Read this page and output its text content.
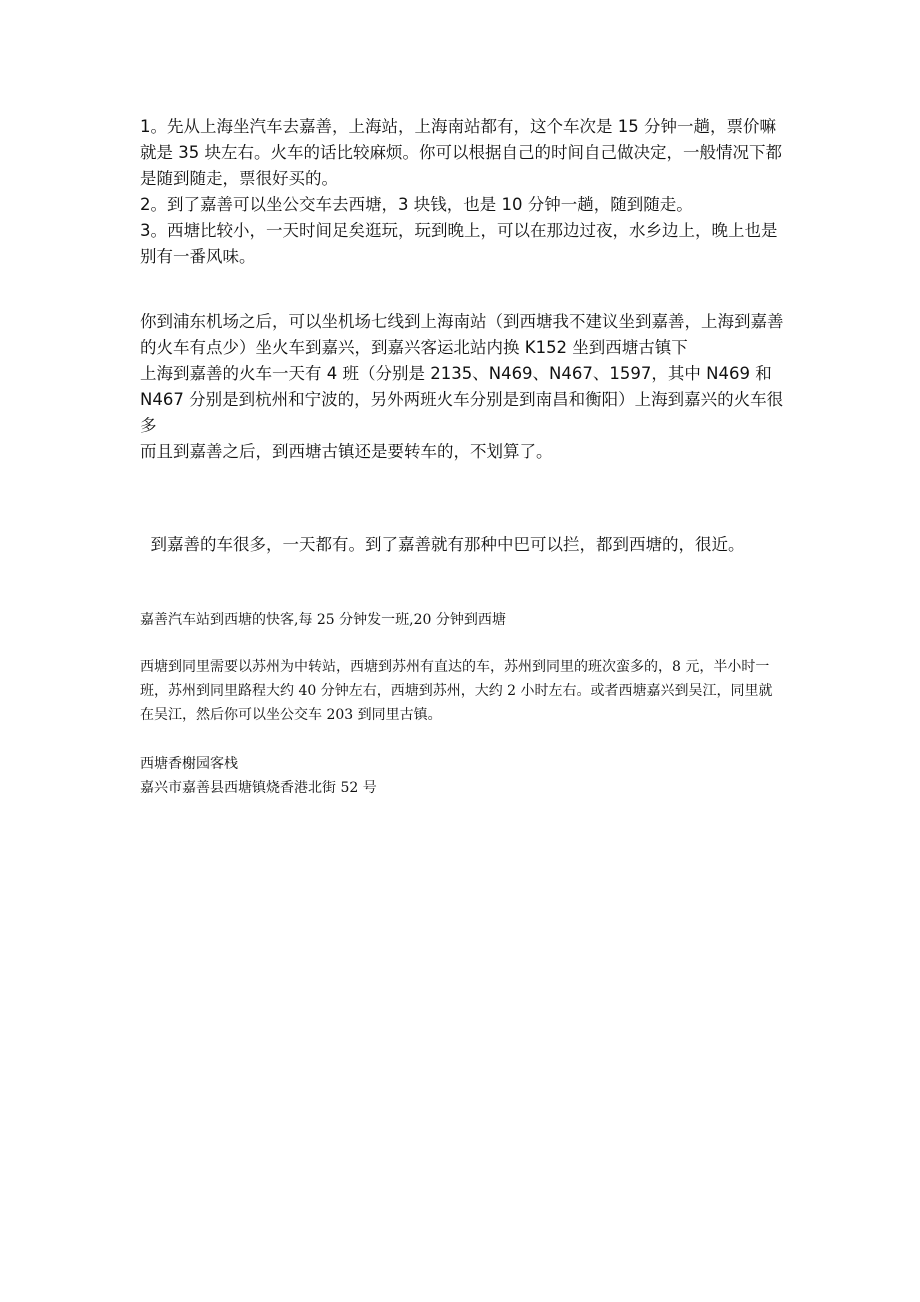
1。先从上海坐汽车去嘉善，上海站，上海南站都有，这个车次是 15 分钟一趟，票价嘛就是 35 块左右。火车的话比较麻烦。你可以根据自己的时间自己做决定，一般情况下都是随到随走，票很好买的。

2。到了嘉善可以坐公交车去西塘，3 块钱，也是 10 分钟一趟，随到随走。

3。西塘比较小，一天时间足矣逛玩，玩到晚上，可以在那边过夜，水乡边上，晚上也是别有一番风味。

你到浦东机场之后，可以坐机场七线到上海南站（到西塘我不建议坐到嘉善，上海到嘉善的火车有点少）坐火车到嘉兴，到嘉兴客运北站内换 K152 坐到西塘古镇下

上海到嘉善的火车一天有 4 班（分别是 2135、N469、N467、1597，其中 N469 和 N467 分别是到杭州和宁波的，另外两班火车分别是到南昌和衡阳）上海到嘉兴的火车很多

而且到嘉善之后，到西塘古镇还是要转车的，不划算了。

到嘉善的车很多，一天都有。到了嘉善就有那种中巴可以拦，都到西塘的，很近。

嘉善汽车站到西塘的快客,每 25 分钟发一班,20 分钟到西塘

西塘到同里需要以苏州为中转站，西塘到苏州有直达的车，苏州到同里的班次蛮多的，8 元，半小时一班，苏州到同里路程大约 40 分钟左右，西塘到苏州，大约 2 小时左右。或者西塘嘉兴到吴江，同里就在吴江，然后你可以坐公交车 203 到同里古镇。

西塘香榭园客栈

嘉兴市嘉善县西塘镇烧香港北街 52 号
